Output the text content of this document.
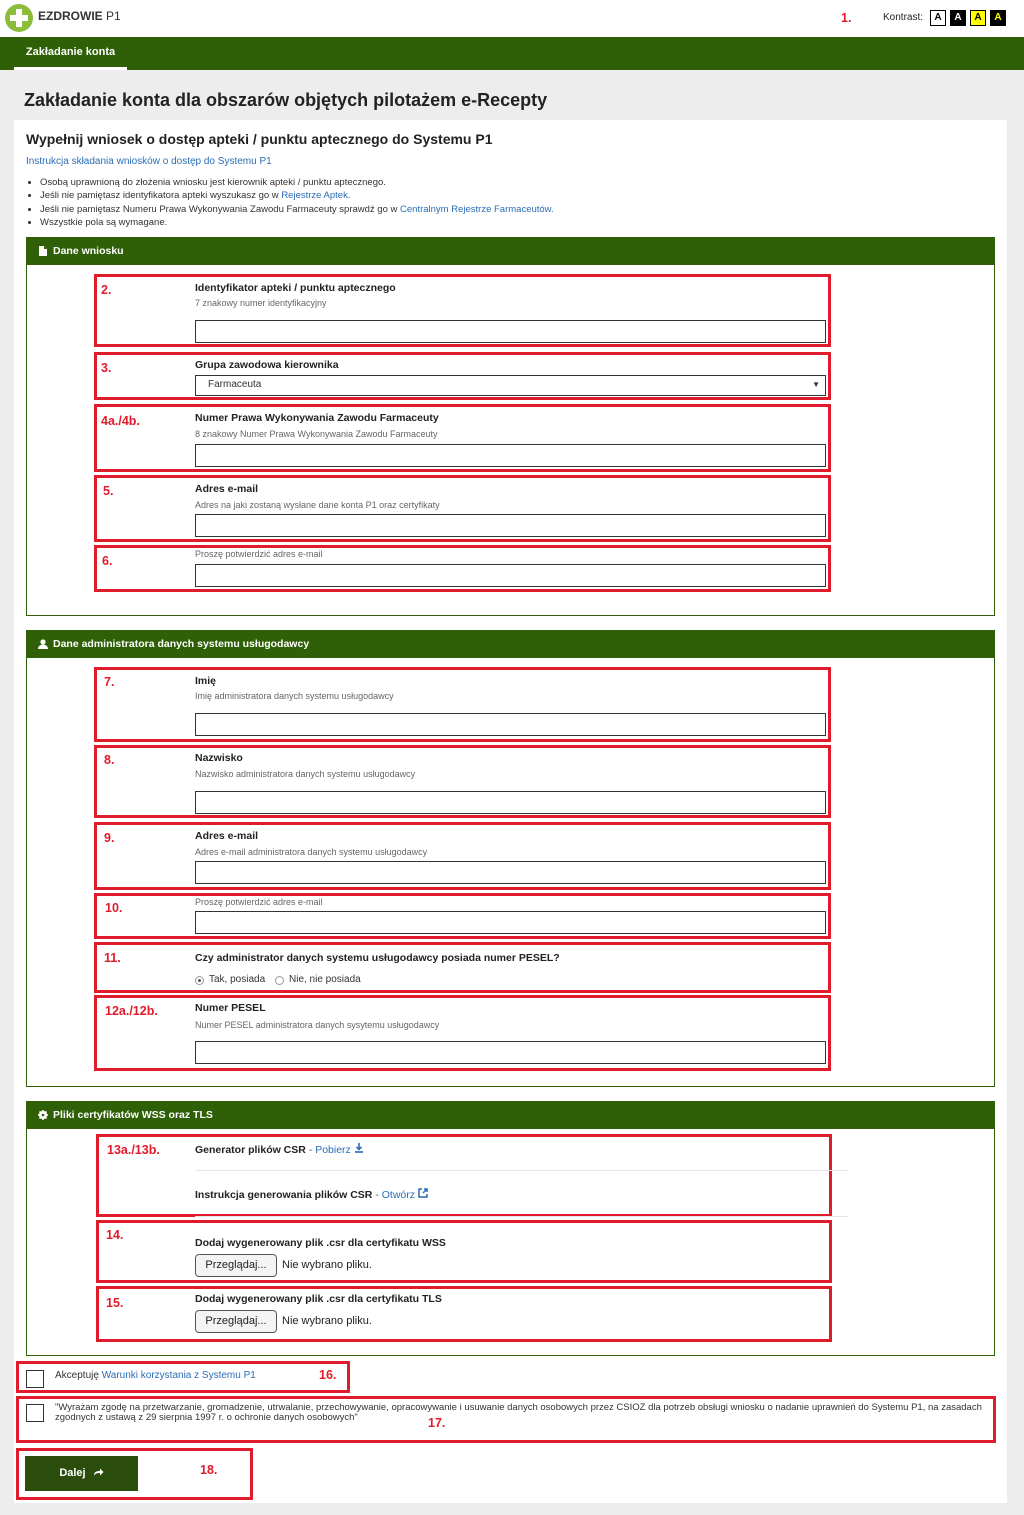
EZDROWIE P1	Kontrast:	A	A	A	A
Zakładanie konta
Zakładanie konta dla obszarów objętych pilotażem e-Recepty
Wypełnij wniosek o dostęp apteki / punktu aptecznego do Systemu P1
Instrukcja składania wniosków o dostęp do Systemu P1
• Osobą uprawnioną do złożenia wniosku jest kierownik apteki / punktu aptecznego.
• Jeśli nie pamiętasz identyfikatora apteki wyszukasz go w Rejestrze Aptek.
• Jeśli nie pamiętasz Numeru Prawa Wykonywania Zawodu Farmaceuty sprawdź go w Centralnym Rejestrze Farmaceutów.
• Wszystkie pola są wymagane.
Dane wniosku
Identyfikator apteki / punktu aptecznego
7 znakowy numer identyfikacyjny
Grupa zawodowa kierownika
Farmaceuta	▼
Numer Prawa Wykonywania Zawodu Farmaceuty
8 znakowy Numer Prawa Wykonywania Zawodu Farmaceuty
Adres e-mail
Adres na jaki zostaną wysłane dane konta P1 oraz certyfikaty
Proszę potwierdzić adres e-mail
Dane administratora danych systemu usługodawcy
Imię
Imię administratora danych systemu usługodawcy
Nazwisko
Nazwisko administratora danych systemu usługodawcy
Adres e-mail
Adres e-mail administratora danych systemu usługodawcy
Proszę potwierdzić adres e-mail
Czy administrator danych systemu usługodawcy posiada numer PESEL?
Tak, posiada Nie, nie posiada
Numer PESEL
Numer PESEL administratora danych sysytemu usługodawcy
Pliki certyfikatów WSS oraz TLS
Generator plików CSR - Pobierz
Instrukcja generowania plików CSR - Otwórz
Dodaj wygenerowany plik .csr dla certyfikatu WSS
Przeglądaj...	Nie wybrano pliku.
Dodaj wygenerowany plik .csr dla certyfikatu TLS
Przeglądaj...	Nie wybrano pliku.
Akceptuję Warunki korzystania z Systemu P1
"Wyrażam zgodę na przetwarzanie, gromadzenie, utrwalanie, przechowywanie, opracowywanie i usuwanie danych osobowych przez CSIOZ dla potrzeb obsługi wniosku o nadanie uprawnień do Systemu P1, na zasadach zgodnych z ustawą z 29 sierpnia 1997 r. o ochronie danych osobowych"
Dalej
1.
2.
3.
4a./4b.
5.
6.
7.
8.
9.
10.
11.
12a./12b.
13a./13b.
14.
15.
16.
17.
18.
